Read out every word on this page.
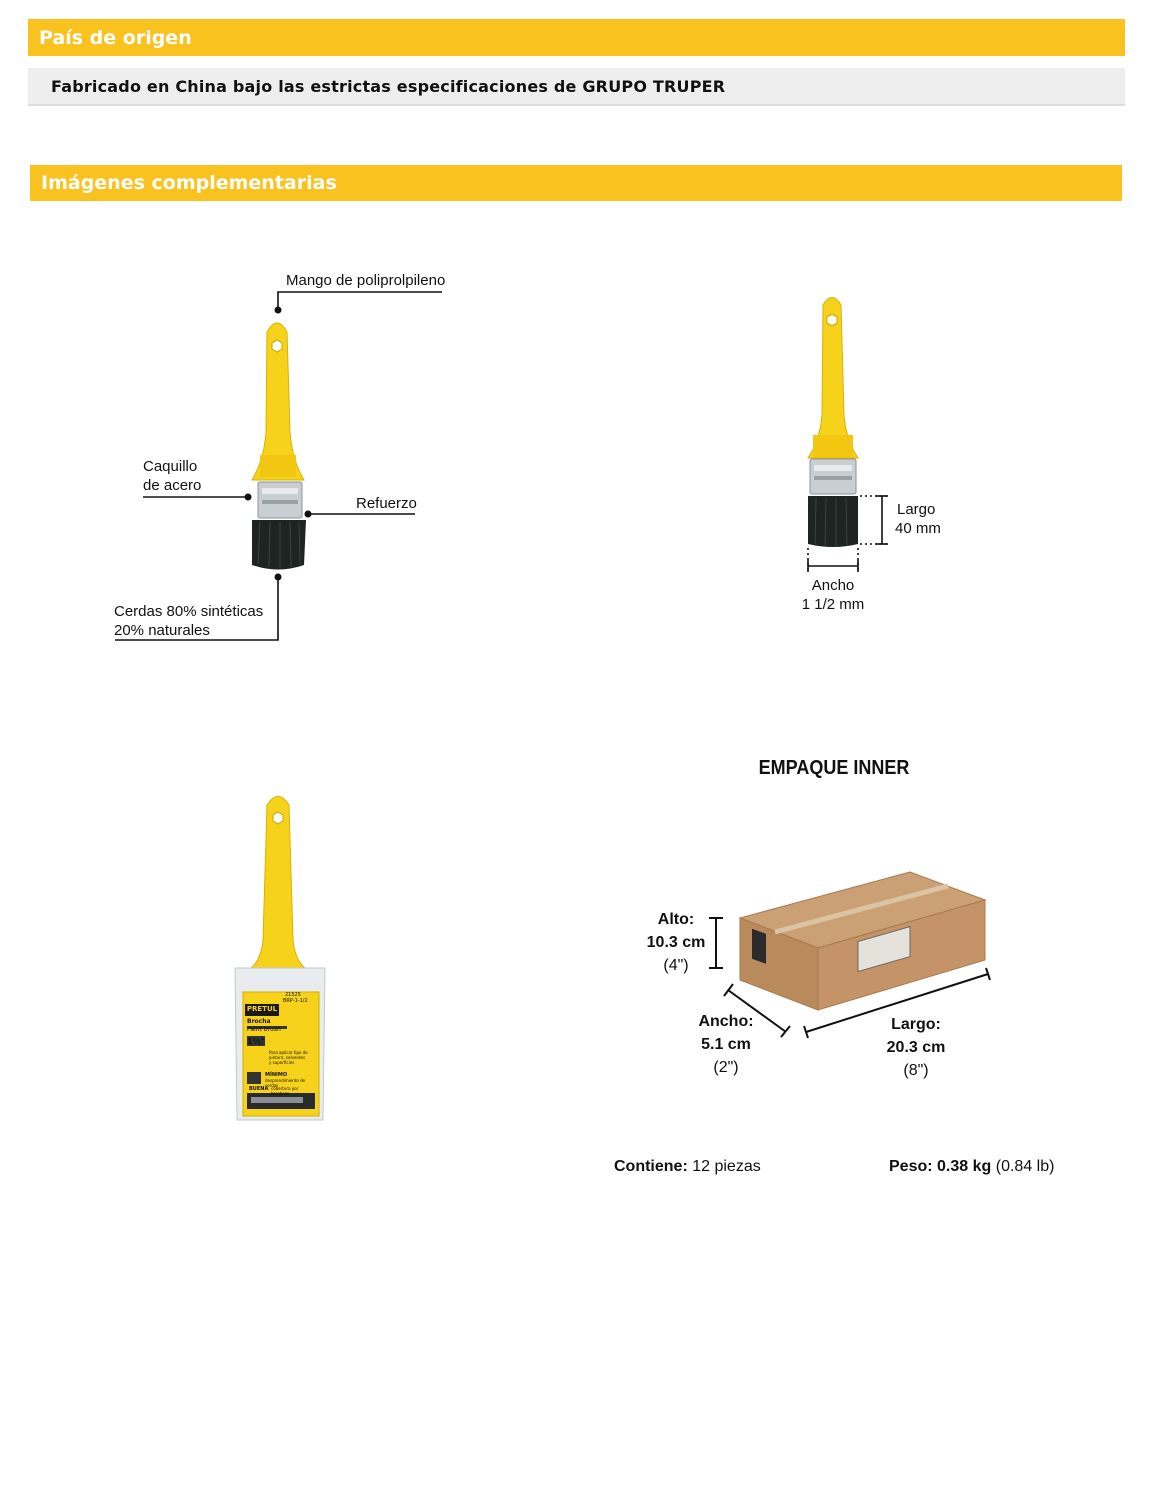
País de origen
Fabricado en China bajo las estrictas especificaciones de GRUPO TRUPER
Imágenes complementarias
Mango de poliprolpileno
Caquillo
de acero
Refuerzo
Cerdas 80% sintéticas
20% naturales
Largo
40 mm
Ancho
1 1/2 mm
PRETUL
21525
BRP-1-1/2
Brocha
Paint brush
1½"
Para aplicar tipo de
pintura, solventes
y superficies
MÍNIMO
desprendimiento de cerdas
BUENA cobertura por brochazo
EMPAQUE INNER
Alto:
10.3 cm
(4")
Ancho:
5.1 cm
(2")
Largo:
20.3 cm
(8")
Contiene: 12 piezas	Peso: 0.38 kg (0.84 lb)
